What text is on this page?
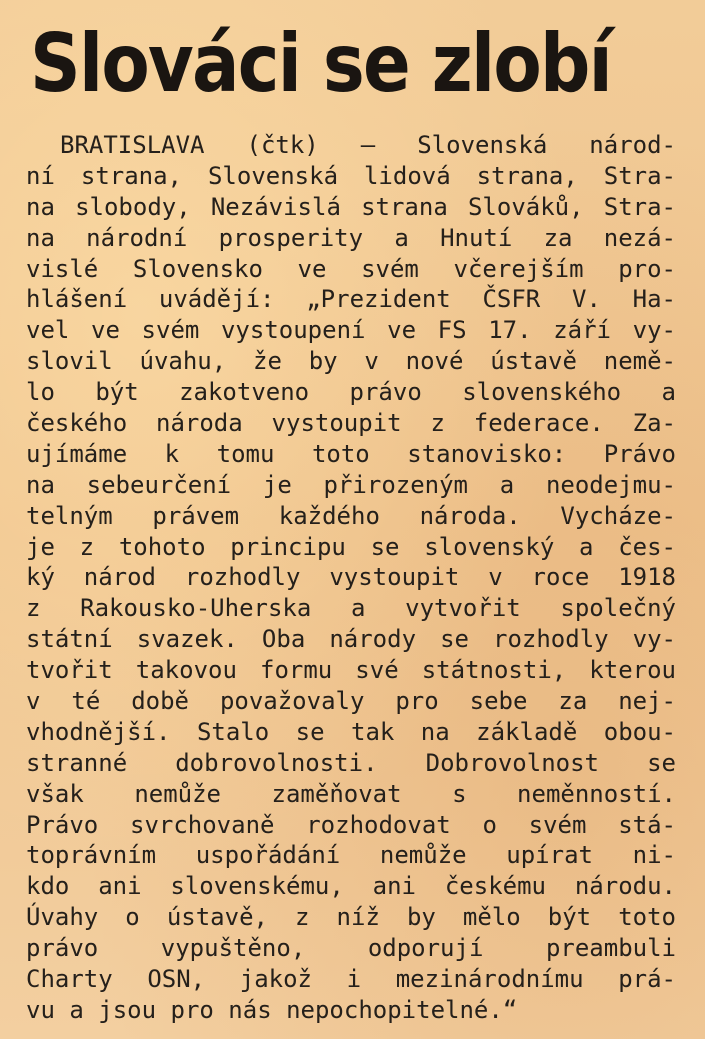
Slováci se zlobí
BRATISLAVA (čtk) — Slovenská národ-
ní strana, Slovenská lidová strana, Stra-
na slobody, Nezávislá strana Slováků, Stra-
na národní prosperity a Hnutí za nezá-
vislé Slovensko ve svém včerejším pro-
hlášení uvádějí: „Prezident ČSFR V. Ha-
vel ve svém vystoupení ve FS 17. září vy-
slovil úvahu, že by v nové ústavě nemě-
lo být zakotveno právo slovenského a
českého národa vystoupit z federace. Za-
ujímáme k tomu toto stanovisko: Právo
na sebeurčení je přirozeným a neodejmu-
telným právem každého národa. Vycháze-
je z tohoto principu se slovenský a čes-
ký národ rozhodly vystoupit v roce 1918
z Rakousko-Uherska a vytvořit společný
státní svazek. Oba národy se rozhodly vy-
tvořit takovou formu své státnosti, kterou
v té době považovaly pro sebe za nej-
vhodnější. Stalo se tak na základě obou-
stranné dobrovolnosti. Dobrovolnost se
však nemůže zaměňovat s neměnností.
Právo svrchovaně rozhodovat o svém stá-
toprávním uspořádání nemůže upírat ni-
kdo ani slovenskému, ani českému národu.
Úvahy o ústavě, z níž by mělo být toto
právo vypuštěno, odporují preambuli
Charty OSN, jakož i mezinárodnímu prá-
vu a jsou pro nás nepochopitelné.“
